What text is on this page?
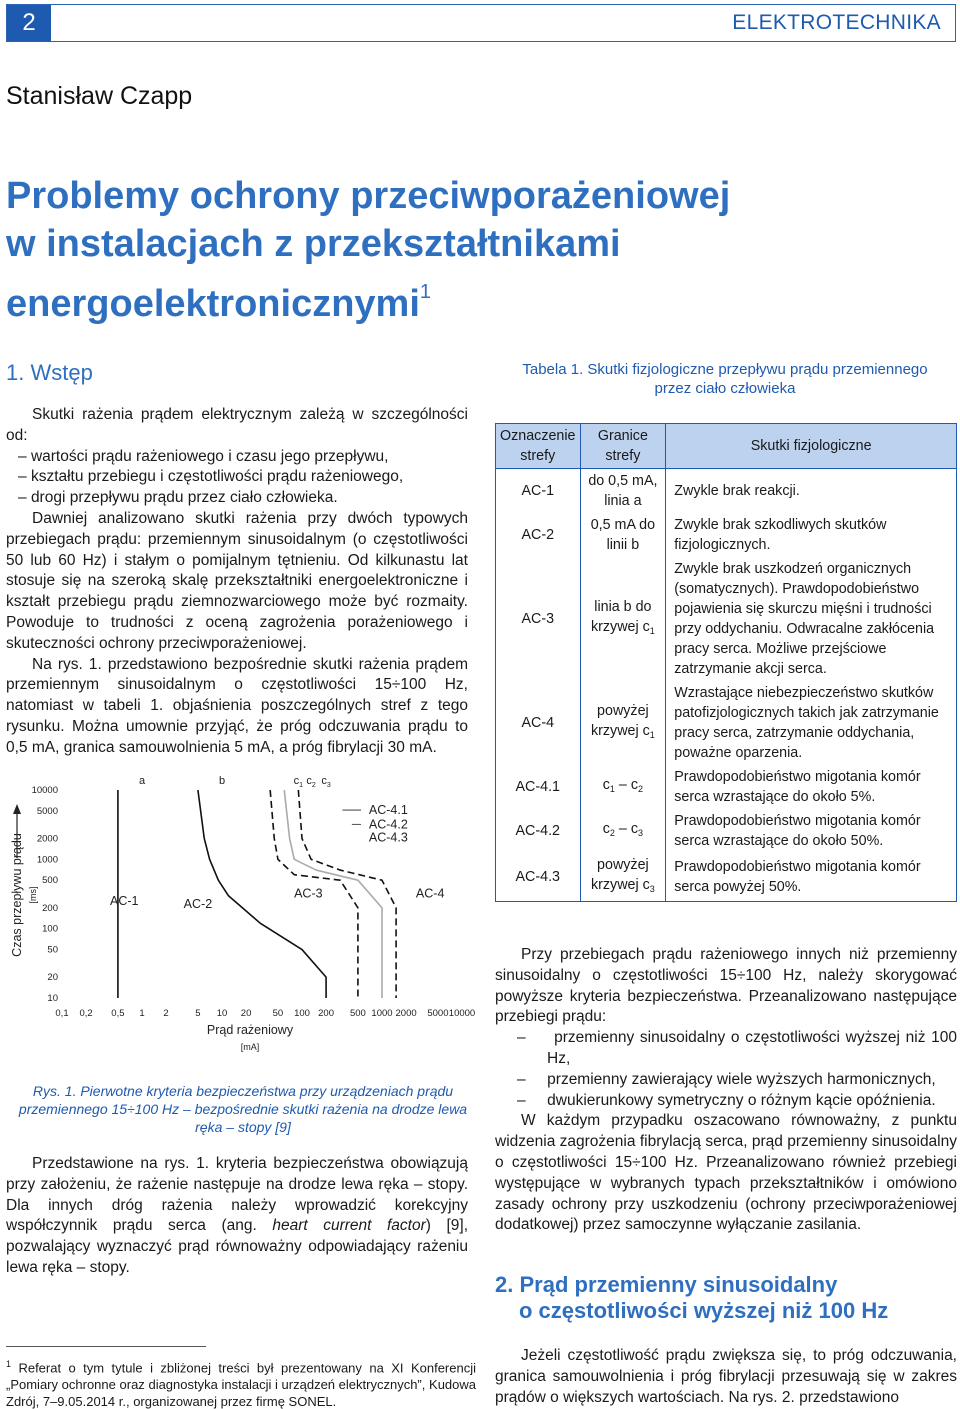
2	ELEKTROTECHNIKA
Stanisław Czapp
Problemy ochrony przeciwporażeniowej
w instalacjach z przekształtnikami
energoelektronicznymi$^1$
1. Wstęp

Skutki rażenia prądem elektrycznym zależą w szczególności od:

– wartości prądu rażeniowego i czasu jego przepływu,
– kształtu przebiegu i częstotliwości prądu rażeniowego,
– drogi przepływu prądu przez ciało człowieka.

Dawniej analizowano skutki rażenia przy dwóch typowych przebiegach prądu: przemiennym sinusoidalnym (o częstotliwości 50 lub 60 Hz) i stałym o pomijalnym tętnieniu. Od kilkunastu lat stosuje się na szeroką skalę przekształtniki energoelektroniczne i kształt przebiegu prądu ziemnozwarciowego może być rozmaity. Powoduje to trudności z oceną zagrożenia porażeniowego i skuteczności ochrony przeciwporażeniowej.

Na rys. 1. przedstawiono bezpośrednie skutki rażenia prądem przemiennym sinusoidalnym o częstotliwości 15÷100 Hz, natomiast w tabeli 1. objaśnienia poszczególnych stref z tego rysunku. Można umownie przyjąć, że próg odczuwania prądu to 0,5 mA, granica samouwolnienia 5 mA, a próg fibrylacji 30 mA.

0,1 0,2 0,5 1 2	5 10 20 50 100 200 500 1000 2000 5000 10000
10
20
50
100
200
500
1000
2000
5000
10000
Prąd rażeniowy
[mA]
Czas przepływu prądu [ms]
a	b	$c_1$ $c_2$ $c_3$
AC-1	AC-2
AC-3	AC-4
AC-4.1
AC-4.2
AC-4.3
Rys. 1. Pierwotne kryteria bezpieczeństwa przy urządzeniach prądu
przemiennego 15÷100 Hz – bezpośrednie skutki rażenia na drodze lewa
ręka – stopy [9]

Przedstawione na rys. 1. kryteria bezpieczeństwa obowiązują przy założeniu, że rażenie następuje na drodze lewa ręka – stopy. Dla innych dróg rażenia należy wprowadzić korekcyjny współczynnik prądu serca (ang. heart current factor) [9], pozwalający wyznaczyć prąd równoważny odpowiadający rażeniu lewa ręka – stopy.

$^1$ Referat o tym tytule i zbliżonej treści był prezentowany na XI Konferencji „Pomiary ochronne oraz diagnostyka instalacji i urządzeń elektrycznych”, Kudowa Zdrój, 7–9.05.2014 r., organizowanej przez firmę SONEL.
Tabela 1. Skutki fizjologiczne przepływu prądu przemiennego
przez ciało człowieka
Oznaczenie strefy	Granice strefy	Skutki fizjologiczne
AC-1	do 0,5 mA, linia a	Zwykle brak reakcji.
AC-2	0,5 mA do linii b	Zwykle brak szkodliwych skutków fizjologicznych.
AC-3	linia b do krzywej $c_1$	Zwykle brak uszkodzeń organicznych (somatycznych). Prawdopodobieństwo pojawienia się skurczu mięśni i trudności przy oddychaniu. Odwracalne zakłócenia pracy serca. Możliwe przejściowe zatrzymanie akcji serca.
AC-4	powyżej krzywej $c_1$	Wzrastające niebezpieczeństwo skutków patofizjologicznych takich jak zatrzymanie pracy serca, zatrzymanie oddychania, poważne oparzenia.
AC-4.1	$c_1 - c_2$	Prawdopodobieństwo migotania komór serca wzrastające do około 5%.
AC-4.2	$c_2 - c_3$	Prawdopodobieństwo migotania komór serca wzrastające do około 50%.
AC-4.3	powyżej krzywej $c_3$	Prawdopodobieństwo migotania komór serca powyżej 50%.

Przy przebiegach prądu rażeniowego innych niż przemienny sinusoidalny o częstotliwości 15÷100 Hz, należy skorygować powyższe kryteria bezpieczeństwa. Przeanalizowano następujące przebiegi prądu:

–     przemienny sinusoidalny o częstotliwości wyższej niż 100 Hz,
–     przemienny zawierający wiele wyższych harmonicznych,
–     dwukierunkowy symetryczny o różnym kącie opóźnienia.

W każdym przypadku oszacowano równoważny, z punktu widzenia zagrożenia fibrylacją serca, prąd przemienny sinusoidalny o częstotliwości 15÷100 Hz. Przeanalizowano również przebiegi występujące w wybranych typach przekształtników i omówiono zasady ochrony przy uszkodzeniu (ochrony przeciwporażeniowej dodatkowej) przez samoczynne wyłączanie zasilania.

2. Prąd przemienny sinusoidalny
o częstotliwości wyższej niż 100 Hz

Jeżeli częstotliwość prądu zwiększa się, to próg odczuwania, granica samouwolnienia i próg fibrylacji przesuwają się w zakres prądów o większych wartościach. Na rys. 2. przedstawiono
